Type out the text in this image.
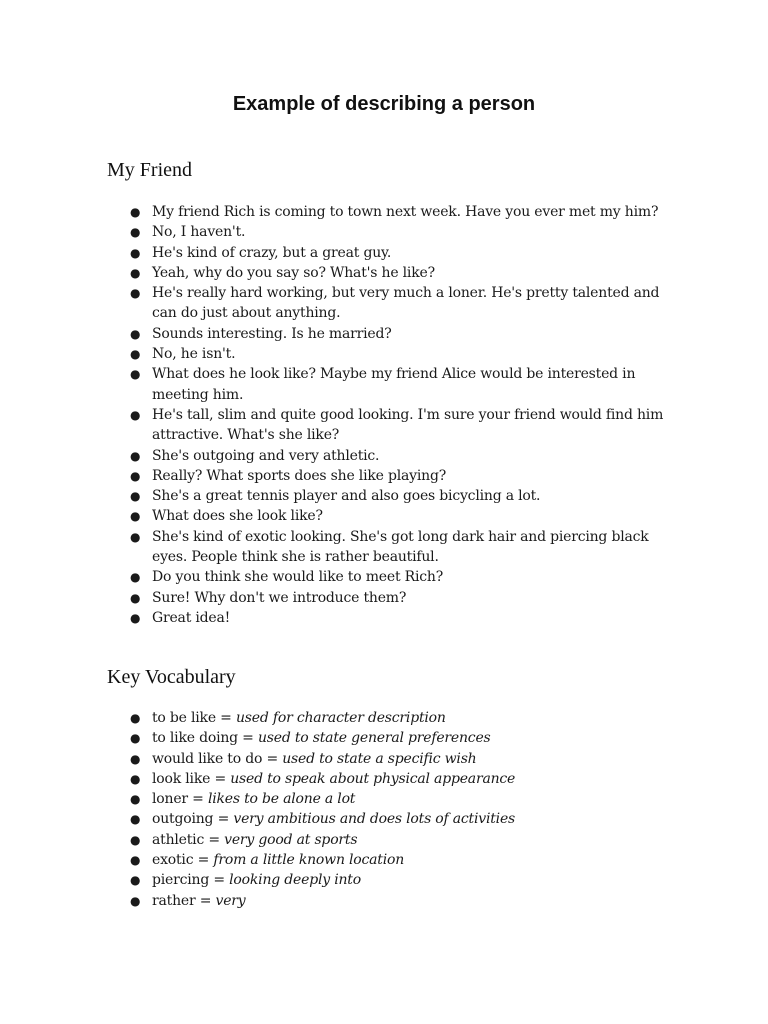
Example of describing a person
My Friend
● My friend Rich is coming to town next week. Have you ever met my him?
● No, I haven't.
● He's kind of crazy, but a great guy.
● Yeah, why do you say so? What's he like?
● He's really hard working, but very much a loner. He's pretty talented and can do just about anything.
● Sounds interesting. Is he married?
● No, he isn't.
● What does he look like? Maybe my friend Alice would be interested in meeting him.
● He's tall, slim and quite good looking. I'm sure your friend would find him attractive. What's she like?
● She's outgoing and very athletic.
● Really? What sports does she like playing?
● She's a great tennis player and also goes bicycling a lot.
● What does she look like?
● She's kind of exotic looking. She's got long dark hair and piercing black eyes. People think she is rather beautiful.
● Do you think she would like to meet Rich?
● Sure! Why don't we introduce them?
● Great idea!
Key Vocabulary
● to be like = used for character description
● to like doing = used to state general preferences
● would like to do = used to state a specific wish
● look like = used to speak about physical appearance
● loner = likes to be alone a lot
● outgoing = very ambitious and does lots of activities
● athletic = very good at sports
● exotic = from a little known location
● piercing = looking deeply into
● rather = very
